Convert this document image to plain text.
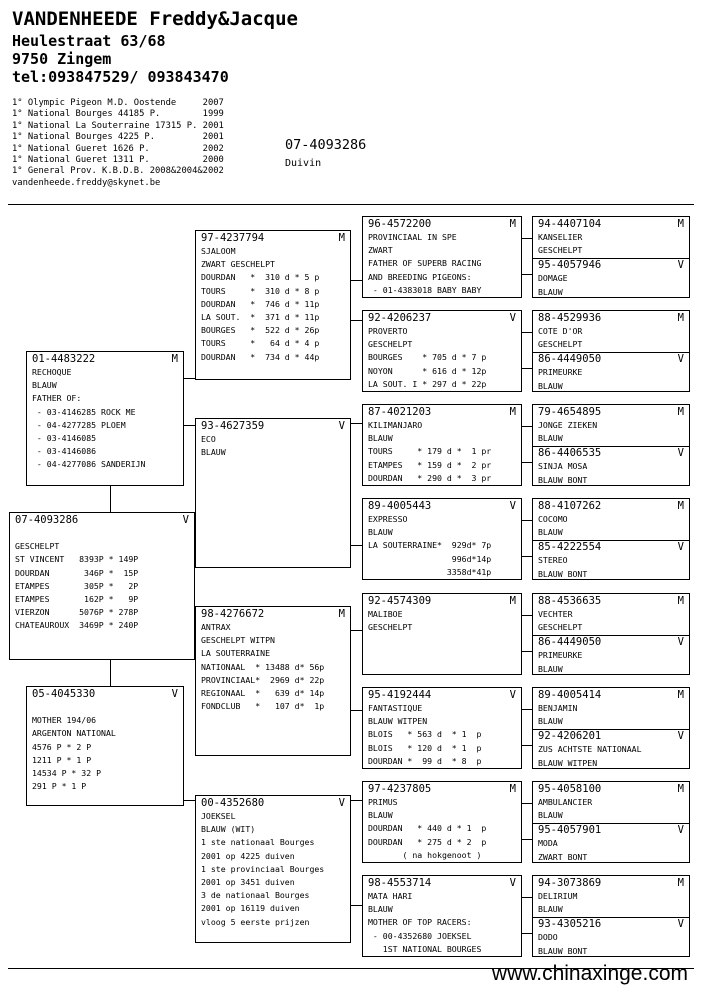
VANDENHEEDE Freddy&Jacque
Heulestraat 63/68
9750 Zingem
tel:093847529/ 093843470
1° Olympic Pigeon M.D. Oostende     2007
1° National Bourges 44185 P.        1999
1° National La Souterraine 17315 P. 2001
1° National Bourges 4225 P.         2001
1° National Gueret 1626 P.          2002
1° National Gueret 1311 P.          2000
1° General Prov. K.B.D.B. 2008&2004&2002
vandenheede.freddy@skynet.be
07-4093286
Duivin
07-4093286	V
GESCHELPT
ST VINCENT   8393P * 149P
DOURDAN       346P *  15P
ETAMPES       305P *   2P
ETAMPES       162P *   9P
VIERZON      5076P * 278P
CHATEAUROUX  3469P * 240P
01-4483222	M
RECHOQUE
BLAUW
FATHER OF:
- 03-4146285 ROCK ME
- 04-4277285 PLOEM
- 03-4146085
- 03-4146086
- 04-4277086 SANDERIJN
05-4045330	V
MOTHER 194/06
ARGENTON NATIONAL
4576 P * 2 P
1211 P * 1 P
14534 P * 32 P
291 P * 1 P
97-4237794	M
SJALOOM
ZWART GESCHELPT
DOURDAN   *  310 d * 5 p
TOURS     *  310 d * 8 p
DOURDAN   *  746 d * 11p
LA SOUT.  *  371 d * 11p
BOURGES   *  522 d * 26p
TOURS     *   64 d * 4 p
DOURDAN   *  734 d * 44p
93-4627359	V
ECO
BLAUW
98-4276672	M
ANTRAX
GESCHELPT WITPN
LA SOUTERRAINE
NATIONAAL  * 13488 d* 56p
PROVINCIAAL*  2969 d* 22p
REGIONAAL  *   639 d* 14p
FONDCLUB   *   107 d*  1p
00-4352680	V
JOEKSEL
BLAUW (WIT)
1 ste nationaal Bourges
2001 op 4225 duiven
1 ste provinciaal Bourges
2001 op 3451 duiven
3 de nationaal Bourges
2001 op 16119 duiven
vloog 5 eerste prijzen
96-4572200	M
PROVINCIAAL IN SPE
ZWART
FATHER OF SUPERB RACING
AND BREEDING PIGEONS:
- 01-4383018 BABY BABY
92-4206237	V
PROVERTO
GESCHELPT
BOURGES    * 705 d * 7 p
NOYON      * 616 d * 12p
LA SOUT. I * 297 d * 22p
87-4021203	M
KILIMANJARO
BLAUW
TOURS     * 179 d *  1 pr
ETAMPES   * 159 d *  2 pr
DOURDAN   * 290 d *  3 pr
89-4005443	V
EXPRESSO
BLAUW
LA SOUTERRAINE*  929d* 7p
996d*14p
3358d*41p
92-4574309	M
MALIBOE
GESCHELPT
95-4192444	V
FANTASTIQUE
BLAUW WITPEN
BLOIS   * 563 d  * 1  p
BLOIS   * 120 d  * 1  p
DOURDAN *  99 d  * 8  p
97-4237805	M
PRIMUS
BLAUW
DOURDAN   * 440 d * 1  p
DOURDAN   * 275 d * 2  p
( na hokgenoot )
98-4553714	V
MATA HARI
BLAUW
MOTHER OF TOP RACERS:
- 00-4352680 JOEKSEL
1ST NATIONAL BOURGES
94-4407104	M
KANSELIER
GESCHELPT
95-4057946	V
DOMAGE
BLAUW
88-4529936	M
COTE D'OR
GESCHELPT
86-4449050	V
PRIMEURKE
BLAUW
79-4654895	M
JONGE ZIEKEN
BLAUW
86-4406535	V
SINJA MOSA
BLAUW BONT
88-4107262	M
COCOMO
BLAUW
85-4222554	V
STEREO
BLAUW BONT
88-4536635	M
VECHTER
GESCHELPT
86-4449050	V
PRIMEURKE
BLAUW
89-4005414	M
BENJAMIN
BLAUW
92-4206201	V
ZUS ACHTSTE NATIONAAL
BLAUW WITPEN
95-4058100	M
AMBULANCIER
BLAUW
95-4057901	V
MODA
ZWART BONT
94-3073869	M
DELIRIUM
BLAUW
93-4305216	V
DODO
BLAUW BONT
www.chinaxinge.com
